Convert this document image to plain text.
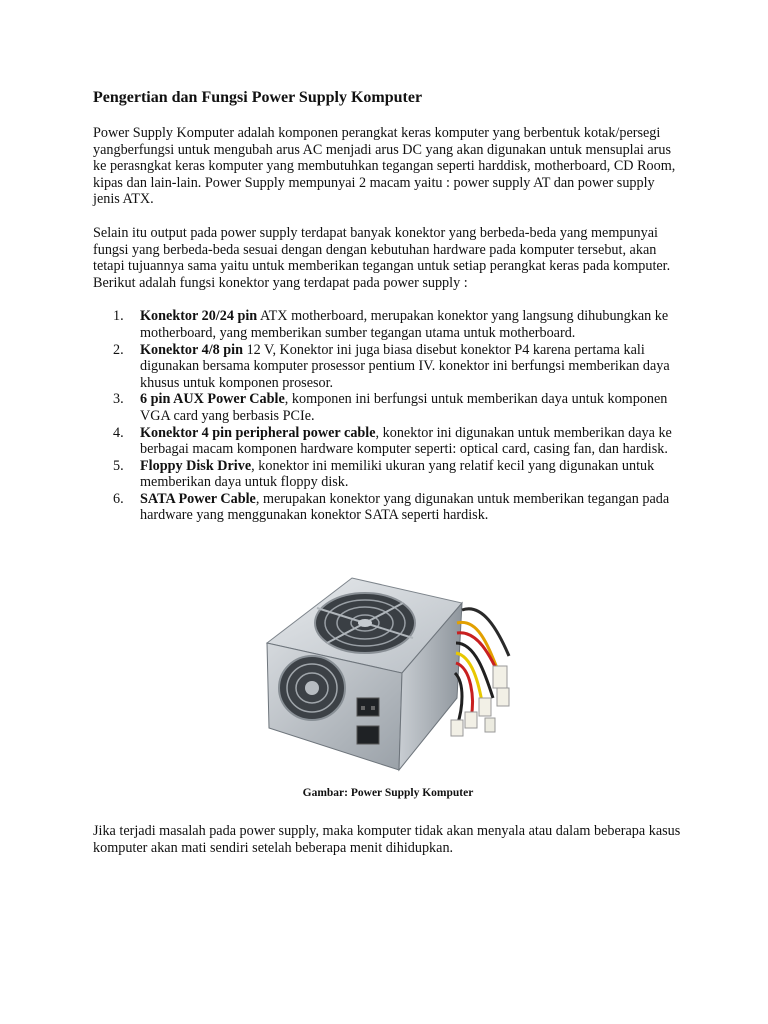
Pengertian dan Fungsi Power Supply Komputer

Power Supply Komputer adalah komponen perangkat keras komputer yang berbentuk kotak/persegi yangberfungsi untuk mengubah arus AC menjadi arus DC yang akan digunakan untuk mensuplai arus ke perasngkat keras komputer yang membutuhkan tegangan seperti harddisk, motherboard, CD Room, kipas dan lain-lain. Power Supply mempunyai 2 macam yaitu : power supply AT dan power supply jenis ATX.

Selain itu output pada power supply terdapat banyak konektor yang berbeda-beda yang mempunyai fungsi yang berbeda-beda sesuai dengan dengan kebutuhan hardware pada komputer tersebut, akan tetapi tujuannya sama yaitu untuk memberikan tegangan untuk setiap perangkat keras pada komputer. Berikut adalah fungsi konektor yang terdapat pada power supply :

1. Konektor 20/24 pin ATX motherboard, merupakan konektor yang langsung dihubungkan ke motherboard, yang memberikan sumber tegangan utama untuk motherboard.
2. Konektor 4/8 pin 12 V, Konektor ini juga biasa disebut konektor P4 karena pertama kali digunakan bersama komputer prosessor pentium IV. konektor ini berfungsi memberikan daya khusus untuk komponen prosesor.
3. 6 pin AUX Power Cable, komponen ini berfungsi untuk memberikan daya untuk komponen VGA card yang berbasis PCIe.
4. Konektor 4 pin peripheral power cable, konektor ini digunakan untuk memberikan daya ke berbagai macam komponen hardware komputer seperti: optical card, casing fan, dan hardisk.
5. Floppy Disk Drive, konektor ini memiliki ukuran yang relatif kecil yang digunakan untuk memberikan daya untuk floppy disk.
6. SATA Power Cable, merupakan konektor yang digunakan untuk memberikan tegangan pada hardware yang menggunakan konektor SATA seperti hardisk.
Gambar: Power Supply Komputer

Jika terjadi masalah pada power supply, maka komputer tidak akan menyala atau dalam beberapa kasus komputer akan mati sendiri setelah beberapa menit dihidupkan.
